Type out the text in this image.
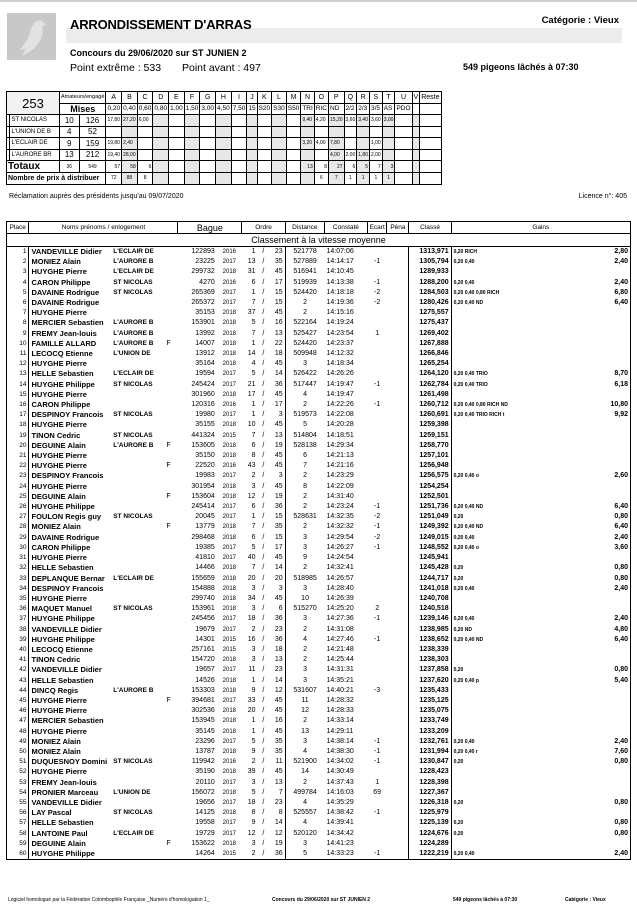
ARRONDISSEMENT D'ARRAS	Catégorie : Vieux
Concours du 29/06/2020 sur ST JUNIEN 2
Point extrême : 533 Point avant : 497	549 pigeons lâchés à 07:30
253		Amateurs/engagé		A	B	C	D	E	F	G	H	I	J	K	L	M	N	O	P	Q	R	S	T	U	V	Reste
		Mises		0,20	0,40	0,60	0,80	1,00	1,50	3,00	4,50	7,50	15	S20	S30	S50	TRI	RIC	ND	2/2	2/3	3/5	AS	PDO		
	ST NICOLAS	10	126	17,80	27,20	6,00											9,40	4,20	15,20	3,60	3,40	3,60	3,00			
	L'UNION DE B	4	52																							
	L'ECLAIR DE	9	159	19,80	2,40												3,20	4,00	7,80			1,00				
	L'AURORE BR	13	212	19,40	28,00														4,00	2,00	1,80	2,00				
Totaux		36	549	57	58	6											13	8	27	6	5	7	3			
Nombre de prix à distribuer				72	88	8												6	7	1	1	1	1			
Réclamation auprès des présidents jusqu'au 09/07/2020	Licence n°: 405
Place	Noms prénoms / enlogement			Bague		Ordre			Distance	Constaté	Ecart	Péna	Classé	Gains	
Classement à la vitesse moyenne															
1	VANDEVILLE Didier	L'ECLAIR DE		122893	2016	1	/	23	521778	14:07:06			1313,971	0,20 RICH	2,80
2	MONIEZ Alain	L'AURORE B		23225	2017	13	/	35	527889	14:14:17	-1		1305,794	0,20 0,40	2,40
3	HUYGHE Pierre	L'ECLAIR DE		299732	2018	31	/	45	516941	14:10:45			1289,933		
4	CARON Philippe	ST NICOLAS		4270	2016	6	/	17	519939	14:13:38	-1		1288,200	0,20 0,40	2,40
5	DAVAINE Rodrigue	ST NICOLAS		265369	2017	1	/	15	524420	14:18:18	-2		1284,503	0,20 0,40 0,80 RICH	6,80
6	DAVAINE Rodrigue			265372	2017	7	/	15	2	14:19:36	-2		1280,426	0,20 0,40 ND	6,40
7	HUYGHE Pierre			35153	2018	37	/	45	2	14:15:16			1275,557		
8	MERCIER Sebastien	L'AURORE B		153901	2018	5	/	16	522164	14:19:24			1275,437		
9	FREMY Jean-louis	L'AURORE B		13992	2018	7	/	13	525427	14:23:54	1		1269,402		
10	FAMILLE ALLARD	L'AURORE B	F	14007	2018	1	/	22	524420	14:23:37			1267,888		
11	LECOCQ Etienne	L'UNION DE		13912	2018	14	/	18	509948	14:12:32			1266,846		
12	HUYGHE Pierre			35164	2018	4	/	45	3	14:18:34			1265,254		
13	HELLE Sebastien	L'ECLAIR DE		19594	2017	5	/	14	526422	14:26:26			1264,120	0,20 0,40 TRIO	8,70
14	HUYGHE Philippe	ST NICOLAS		245424	2017	21	/	36	517447	14:19:47	-1		1262,784	0,20 0,40 TRIO	6,18
15	HUYGHE Pierre			301960	2018	17	/	45	4	14:19:47			1261,498		
16	CARON Philippe			120316	2016	1	/	17	2	14:22:26	-1		1260,712	0,20 0,40 0,80 RICH ND	10,80
17	DESPINOY Francois	ST NICOLAS		19980	2017	1	/	3	519573	14:22:08			1260,691	0,20 0,40 TRIO RICH t	9,92
18	HUYGHE Pierre			35155	2018	10	/	45	5	14:20:28			1259,398		
19	TINON Cedric	ST NICOLAS		441324	2015	7	/	13	514804	14:18:51			1259,151		
20	DEGUINE Alain	L'AURORE B	F	153605	2018	6	/	19	528138	14:29:34			1258,770		
21	HUYGHE Pierre			35150	2018	8	/	45	6	14:21:13			1257,101		
22	HUYGHE Pierre		F	22520	2016	43	/	45	7	14:21:16			1256,948		
23	DESPINOY Francois			19983	2017	2	/	3	2	14:23:29			1256,575	0,20 0,40 o	2,60
24	HUYGHE Pierre			301954	2018	3	/	45	8	14:22:09			1254,254		
25	DEGUINE Alain		F	153604	2018	12	/	19	2	14:31:40			1252,501		
26	HUYGHE Philippe			245414	2017	6	/	36	2	14:23:24	-1		1251,736	0,20 0,40 ND	6,40
27	FOULON Regis guy	ST NICOLAS		20045	2017	1	/	15	528631	14:32:35	-2		1251,049	0,20	0,80
28	MONIEZ Alain		F	13779	2018	7	/	35	2	14:32:32	-1		1249,392	0,20 0,40 ND	6,40
29	DAVAINE Rodrigue			298468	2018	6	/	15	3	14:29:54	-2		1249,015	0,20 0,40	2,40
30	CARON Philippe			19385	2017	5	/	17	3	14:26:27	-1		1248,552	0,20 0,40 o	3,60
31	HUYGHE Pierre			41810	2017	40	/	45	9	14:24:54			1245,941		
32	HELLE Sebastien			14466	2018	7	/	14	2	14:32:41			1245,428	0,20	0,80
33	DEPLANQUE Bernar	L'ECLAIR DE		155659	2018	20	/	20	518985	14:26:57			1244,717	0,20	0,80
34	DESPINOY Francois			154888	2018	3	/	3	3	14:28:40			1241,018	0,20 0,40	2,40
35	HUYGHE Pierre			299740	2018	34	/	45	10	14:26:39			1240,708		
36	MAQUET Manuel	ST NICOLAS		153961	2018	3	/	6	515270	14:25:20	2		1240,518		
37	HUYGHE Philippe			245456	2017	18	/	36	3	14:27:36	-1		1239,146	0,20 0,40	2,40
38	VANDEVILLE Didier			19679	2017	2	/	23	2	14:31:08			1238,985	0,20 ND	4,80
39	HUYGHE Philippe			14301	2015	16	/	36	4	14:27:46	-1		1238,652	0,20 0,40 ND	6,40
40	LECOCQ Etienne			257161	2015	3	/	18	2	14:21:48			1238,339		
41	TINON Cedric			154720	2018	3	/	13	2	14:25:44			1238,303		
42	VANDEVILLE Didier			19657	2017	11	/	23	3	14:31:31			1237,858	0,20	0,80
43	HELLE Sebastien			14526	2018	1	/	14	3	14:35:21			1237,620	0,20 0,40 p	5,40
44	DINCQ Regis	L'AURORE B		153303	2018	9	/	12	531607	14:40:21	-3		1235,433		
45	HUYGHE Pierre		F	394681	2017	33	/	45	11	14:28:32			1235,125		
46	HUYGHE Pierre			302536	2018	20	/	45	12	14:28:33			1235,075		
47	MERCIER Sebastien			153945	2018	1	/	16	2	14:33:14			1233,749		
48	HUYGHE Pierre			35145	2018	1	/	45	13	14:29:11			1233,209		
49	MONIEZ Alain			23296	2017	5	/	35	3	14:38:14	-1		1232,761	0,20 0,40	2,40
50	MONIEZ Alain			13787	2018	9	/	35	4	14:38:30	-1		1231,994	0,20 0,40 r	7,60
51	DUQUESNOY Domini	ST NICOLAS		119942	2016	2	/	11	521900	14:34:02	-1		1230,847	0,20	0,80
52	HUYGHE Pierre			35190	2018	39	/	45	14	14:30:49			1228,423		
53	FREMY Jean-louis			20110	2017	3	/	13	2	14:37:43	1		1228,398		
54	PRONIER Marceau	L'UNION DE		156072	2018	5	/	7	499784	14:16:03	69		1227,367		
55	VANDEVILLE Didier			19656	2017	18	/	23	4	14:35:29			1226,318	0,20	0,80
56	LAY Pascal	ST NICOLAS		14125	2018	8	/	8	525557	14:38:42	-1		1225,979		
57	HELLE Sebastien			19558	2017	9	/	14	4	14:39:41			1225,139	0,20	0,80
58	LANTOINE Paul	L'ECLAIR DE		19729	2017	12	/	12	520120	14:34:42			1224,676	0,20	0,80
59	DEGUINE Alain		F	153622	2018	3	/	19	3	14:41:23			1224,289		
60	HUYGHE Philippe			14264	2015	2	/	36	5	14:33:23	-1		1222,219	0,20 0,40	2,40
Logiciel homologué par la Fédération Colombophile Française _Numéro d'homologation 1_	Concours du 29/06/2020 sur ST JUNIEN 2	549 pigeons lâchés à 07:30	Catégorie : Vieux
